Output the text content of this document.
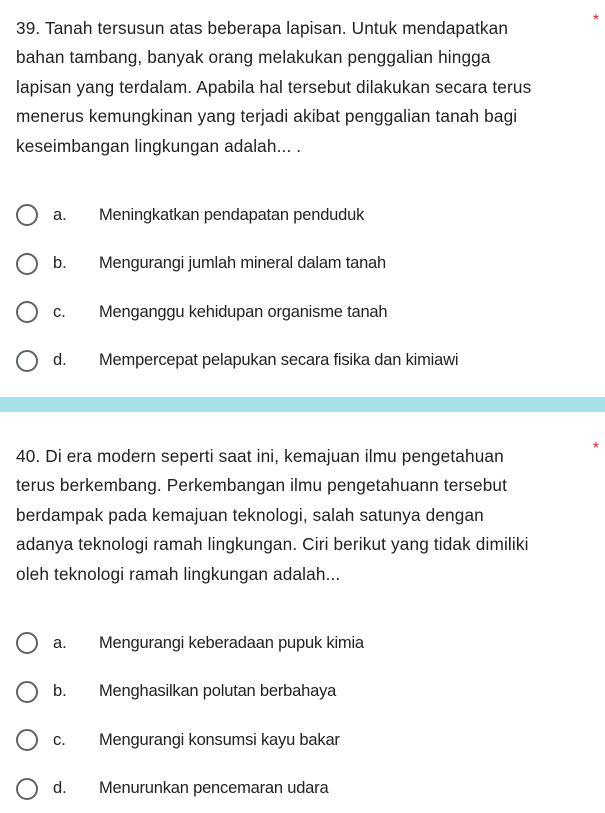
39. Tanah tersusun atas beberapa lapisan. Untuk mendapatkan
bahan tambang, banyak orang melakukan penggalian hingga
lapisan yang terdalam. Apabila hal tersebut dilakukan secara terus
menerus kemungkinan yang terjadi akibat penggalian tanah bagi
keseimbangan lingkungan adalah... .

*
a. Meningkatkan pendapatan penduduk
b. Mengurangi jumlah mineral dalam tanah
c. Menganggu kehidupan organisme tanah
d. Mempercepat pelapukan secara fisika dan kimiawi

40. Di era modern seperti saat ini, kemajuan ilmu pengetahuan
terus berkembang. Perkembangan ilmu pengetahuann tersebut
berdampak pada kemajuan teknologi, salah satunya dengan
adanya teknologi ramah lingkungan. Ciri berikut yang tidak dimiliki
oleh teknologi ramah lingkungan adalah...

*
a. Mengurangi keberadaan pupuk kimia
b. Menghasilkan polutan berbahaya
c. Mengurangi konsumsi kayu bakar
d. Menurunkan pencemaran udara
